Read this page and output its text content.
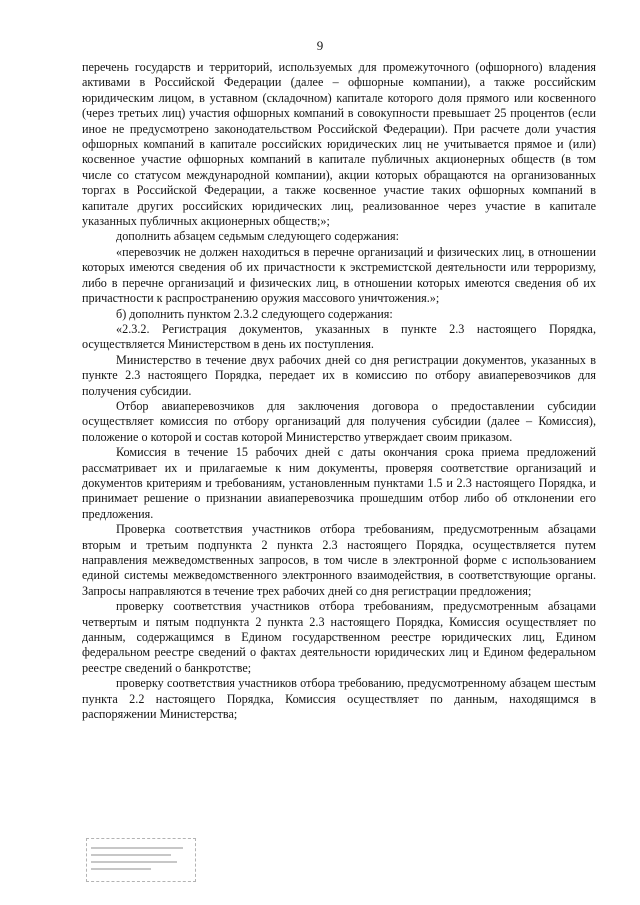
9

перечень государств и территорий, используемых для промежуточного (офшорного) владения активами в Российской Федерации (далее – офшорные компании), а также российским юридическим лицом, в уставном (складочном) капитале которого доля прямого или косвенного (через третьих лиц) участия офшорных компаний в совокупности превышает 25 процентов (если иное не предусмотрено законодательством Российской Федерации). При расчете доли участия офшорных компаний в капитале российских юридических лиц не учитывается прямое и (или) косвенное участие офшорных компаний в капитале публичных акционерных обществ (в том числе со статусом международной компании), акции которых обращаются на организованных торгах в Российской Федерации, а также косвенное участие таких офшорных компаний в капитале других российских юридических лиц, реализованное через участие в капитале указанных публичных акционерных обществ;»;

дополнить абзацем седьмым следующего содержания:

«перевозчик не должен находиться в перечне организаций и физических лиц, в отношении которых имеются сведения об их причастности к экстремистской деятельности или терроризму, либо в перечне организаций и физических лиц, в отношении которых имеются сведения об их причастности к распространению оружия массового уничтожения.»;

б) дополнить пунктом 2.3.2 следующего содержания:

«2.3.2. Регистрация документов, указанных в пункте 2.3 настоящего Порядка, осуществляется Министерством в день их поступления.

Министерство в течение двух рабочих дней со дня регистрации документов, указанных в пункте 2.3 настоящего Порядка, передает их в комиссию по отбору авиаперевозчиков для получения субсидии.

Отбор авиаперевозчиков для заключения договора о предоставлении субсидии осуществляет комиссия по отбору организаций для получения субсидии (далее – Комиссия), положение о которой и состав которой Министерство утверждает своим приказом.

Комиссия в течение 15 рабочих дней с даты окончания срока приема предложений рассматривает их и прилагаемые к ним документы, проверяя соответствие организаций и документов критериям и требованиям, установленным пунктами 1.5 и 2.3 настоящего Порядка, и принимает решение о признании авиаперевозчика прошедшим отбор либо об отклонении его предложения.

Проверка соответствия участников отбора требованиям, предусмотренным абзацами вторым и третьим подпункта 2 пункта 2.3 настоящего Порядка, осуществляется путем направления межведомственных запросов, в том числе в электронной форме с использованием единой системы межведомственного электронного взаимодействия, в соответствующие органы. Запросы направляются в течение трех рабочих дней со дня регистрации предложения;

проверку соответствия участников отбора требованиям, предусмотренным абзацами четвертым и пятым подпункта 2 пункта 2.3 настоящего Порядка, Комиссия осуществляет по данным, содержащимся в Едином государственном реестре юридических лиц, Едином федеральном реестре сведений о фактах деятельности юридических лиц и Едином федеральном реестре сведений о банкротстве;

проверку соответствия участников отбора требованию, предусмотренному абзацем шестым пункта 2.2 настоящего Порядка, Комиссия осуществляет по данным, находящимся в распоряжении Министерства;
